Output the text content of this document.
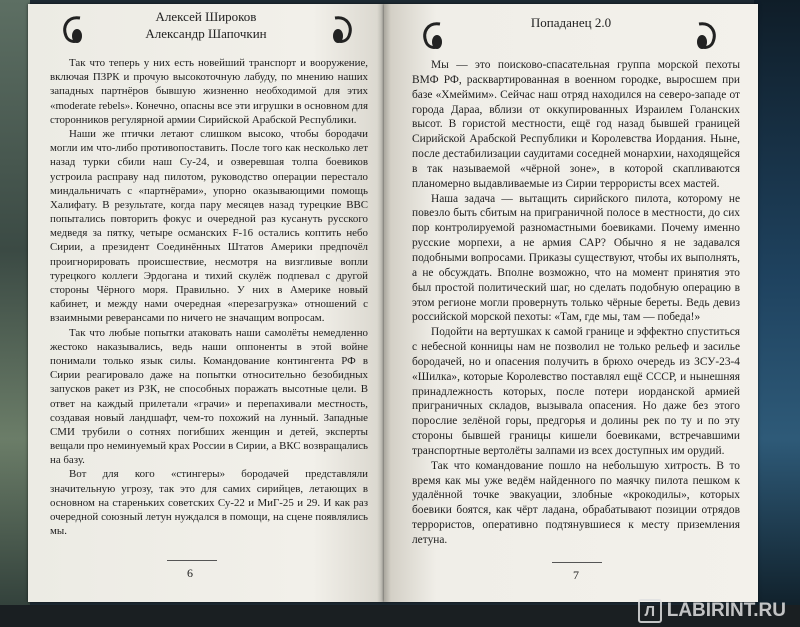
Алексей Широков
Александр Шапочкин
Попаданец 2.0

Так что теперь у них есть новейший транспорт и вооружение, включая ПЗРК и прочую высокоточную лабуду, по мнению наших западных партнёров бывшую жизненно необходимой для этих «moderate rebels». Конечно, опасны все эти игрушки в основном для сторонников регулярной армии Сирийской Арабской Республики.

Наши же птички летают слишком высоко, чтобы бородачи могли им что-либо противопоставить. После того как несколько лет назад турки сбили наш Су-24, и озверевшая толпа боевиков устроила расправу над пилотом, руководство операции перестало миндальничать с «партнёрами», упорно оказывающими помощь Халифату. В результате, когда пару месяцев назад турецкие ВВС попытались повторить фокус и очередной раз кусануть русского медведя за пятку, четыре османских F-16 остались коптить небо Сирии, а президент Соединённых Штатов Америки предпочёл проигнорировать происшествие, несмотря на визгливые вопли турецкого коллеги Эрдогана и тихий скулёж подпевал с другой стороны Чёрного моря. Правильно. У них в Америке новый кабинет, и между нами очередная «перезагрузка» отношений с взаимными реверансами по ничего не значащим вопросам.

Так что любые попытки атаковать наши самолёты немедленно жестоко наказывались, ведь наши оппоненты в этой войне понимали только язык силы. Командование контингента РФ в Сирии реагировало даже на попытки относительно безобидных запусков ракет из РЗК, не способных поражать высотные цели. В ответ на каждый прилетали «грачи» и перепахивали местность, создавая новый ландшафт, чем-то похожий на лунный. Западные СМИ трубили о сотнях погибших женщин и детей, эксперты вещали про неминуемый крах России в Сирии, а ВКС возвращались на базу.

Вот для кого «стингеры» бородачей представляли значительную угрозу, так это для самих сирийцев, летающих в основном на стареньких советских Су-22 и МиГ-25 и 29. И как раз очередной союзный летун нуждался в помощи, на сцене появлялись мы.

Мы — это поисково-спасательная группа морской пехоты ВМФ РФ, расквартированная в военном городке, выросшем при базе «Хмеймим». Сейчас наш отряд находился на северо-западе от города Дараа, вблизи от оккупированных Израилем Голанских высот. В гористой местности, ещё год назад бывшей границей Сирийской Арабской Республики и Королевства Иордания. Ныне, после дестабилизации саудитами соседней монархии, находящейся в так называемой «чёрной зоне», в которой скапливаются планомерно выдавливаемые из Сирии террористы всех мастей.

Наша задача — вытащить сирийского пилота, которому не повезло быть сбитым на приграничной полосе в местности, до сих пор контролируемой разномастными боевиками. Почему именно русские морпехи, а не армия САР? Обычно я не задавался подобными вопросами. Приказы существуют, чтобы их выполнять, а не обсуждать. Вполне возможно, что на момент принятия это был простой политический шаг, но сделать подобную операцию в этом регионе могли провернуть только чёрные береты. Ведь девиз российской морской пехоты: «Там, где мы, там — победа!»

Подойти на вертушках к самой границе и эффектно спуститься с небесной конницы нам не позволил не только рельеф и засилье бородачей, но и опасения получить в брюхо очередь из ЗСУ-23-4 «Шилка», которые Королевство поставлял ещё СССР, и нынешняя принадлежность которых, после потери иорданской армией приграничных складов, вызывала опасения. Но даже без этого порослие зелёной горы, предгорья и долины рек по ту и по эту стороны бывшей границы кишели боевиками, встречавшими транспортные вертолёты залпами из всех доступных им орудий.

Так что командование пошло на небольшую хитрость. В то время как мы уже ведём найденного по маячку пилота пешком к удалённой точке эвакуации, злобные «крокодилы», которых боевики боятся, как чёрт ладана, обрабатывают позиции отрядов террористов, оперативно подтянувшиеся к месту приземления летуна.

6	7
Л LABIRINT.RU
